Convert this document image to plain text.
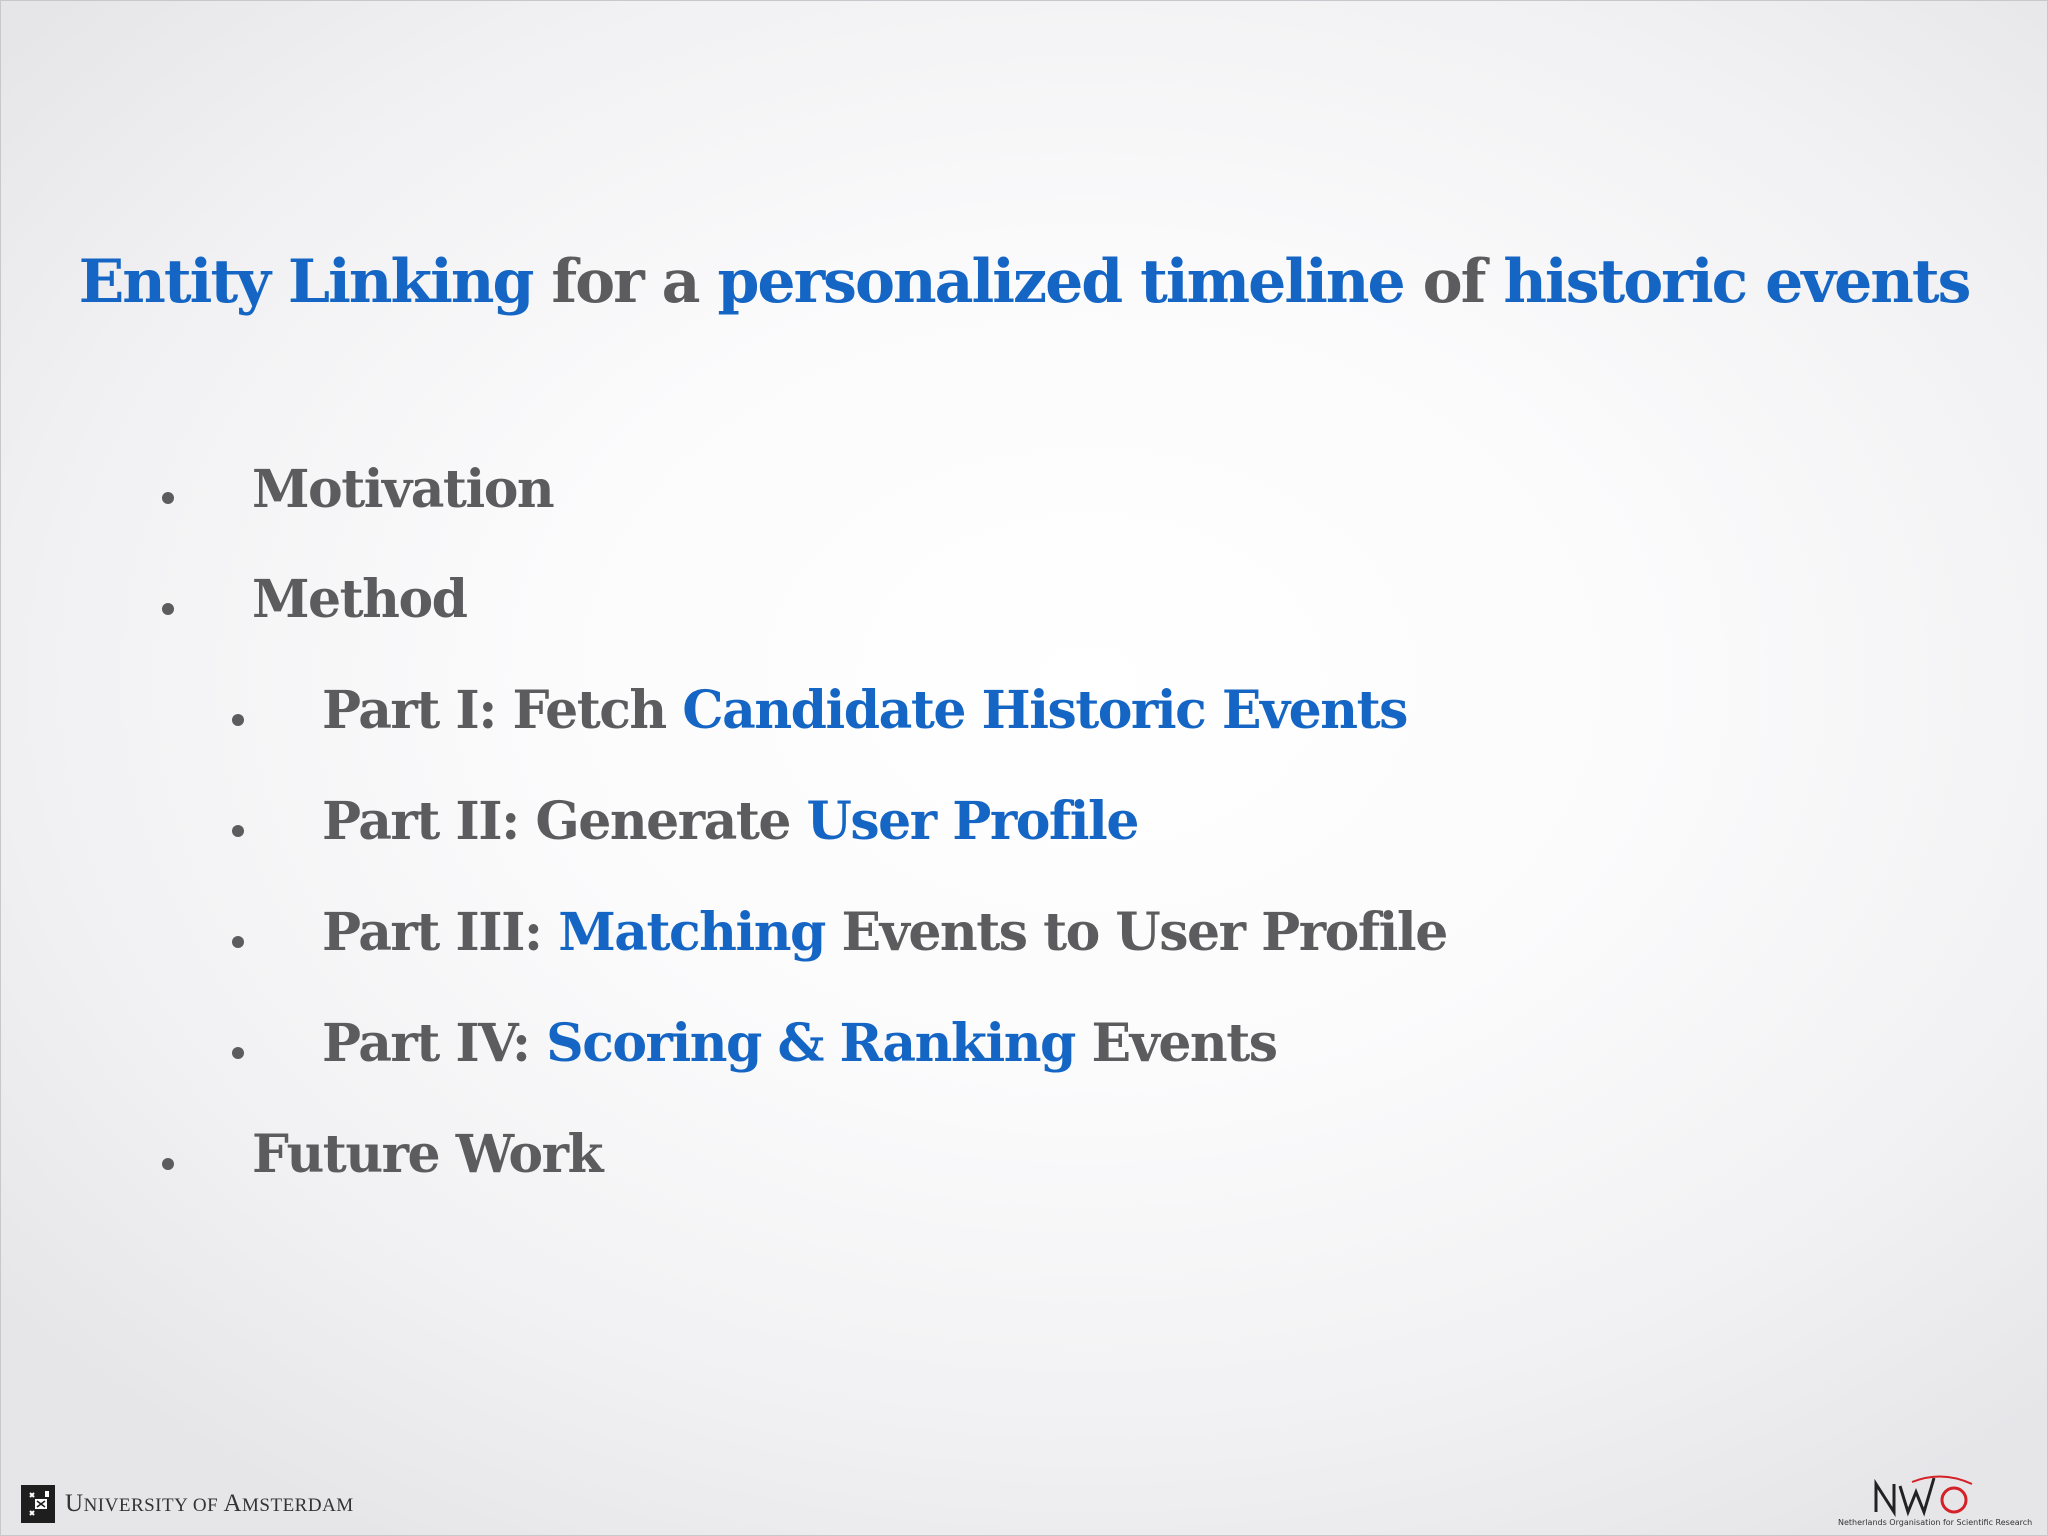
Entity Linking for a personalized timeline of historic events
Motivation
Method
Part I: Fetch Candidate Historic Events
Part II: Generate User Profile
Part III: Matching Events to User Profile
Part IV: Scoring & Ranking Events
Future Work
UNIVERSITY OF AMSTERDAM
Netherlands Organisation for Scientific Research
